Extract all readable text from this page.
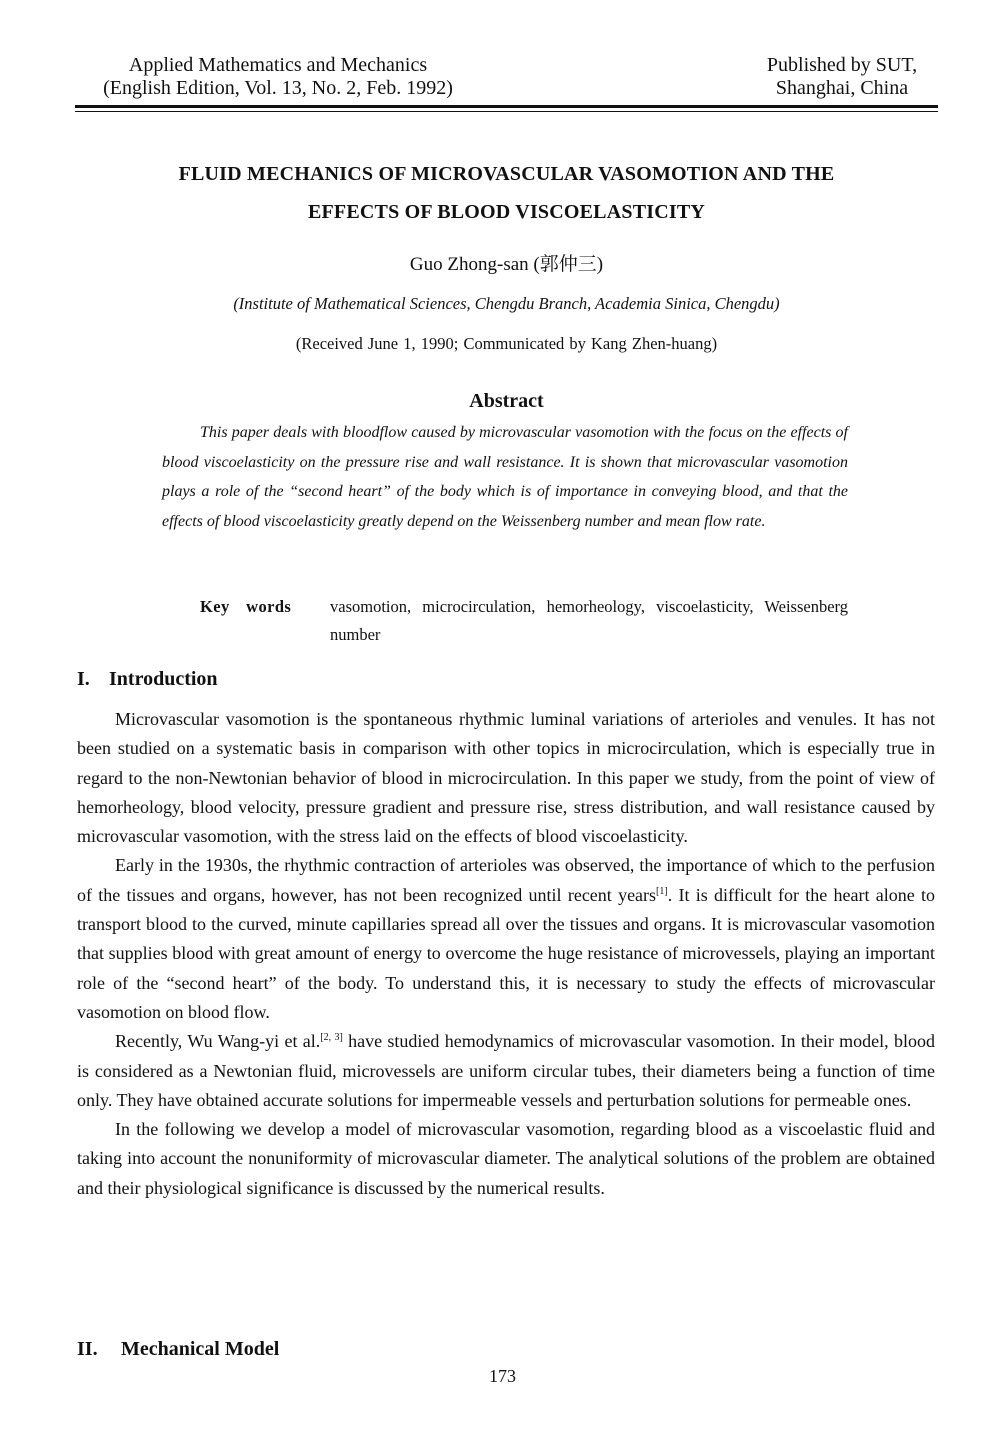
Applied Mathematics and Mechanics
(English Edition, Vol. 13, No. 2, Feb. 1992)
Published by SUT,
Shanghai, China
FLUID MECHANICS OF MICROVASCULAR VASOMOTION AND THE
EFFECTS OF BLOOD VISCOELASTICITY
Guo Zhong-san (郭仲三)
(Institute of Mathematical Sciences, Chengdu Branch, Academia Sinica, Chengdu)
(Received June 1, 1990; Communicated by Kang Zhen-huang)
Abstract

This paper deals with bloodflow caused by microvascular vasomotion with the focus on the effects of blood viscoelasticity on the pressure rise and wall resistance. It is shown that microvascular vasomotion plays a role of the “second heart” of the body which is of importance in conveying blood, and that the effects of blood viscoelasticity greatly depend on the Weissenberg number and mean flow rate.

Key words	vasomotion, microcirculation, hemorheology, viscoelasticity, Weissenberg number
I. Introduction

Microvascular vasomotion is the spontaneous rhythmic luminal variations of arterioles and venules. It has not been studied on a systematic basis in comparison with other topics in microcirculation, which is especially true in regard to the non-Newtonian behavior of blood in microcirculation. In this paper we study, from the point of view of hemorheology, blood velocity, pressure gradient and pressure rise, stress distribution, and wall resistance caused by microvascular vasomotion, with the stress laid on the effects of blood viscoelasticity.

Early in the 1930s, the rhythmic contraction of arterioles was observed, the importance of which to the perfusion of the tissues and organs, however, has not been recognized until recent years[1]. It is difficult for the heart alone to transport blood to the curved, minute capillaries spread all over the tissues and organs. It is microvascular vasomotion that supplies blood with great amount of energy to overcome the huge resistance of microvessels, playing an important role of the “second heart” of the body. To understand this, it is necessary to study the effects of microvascular vasomotion on blood flow.

Recently, Wu Wang-yi et al.[2, 3] have studied hemodynamics of microvascular vasomotion. In their model, blood is considered as a Newtonian fluid, microvessels are uniform circular tubes, their diameters being a function of time only. They have obtained accurate solutions for impermeable vessels and perturbation solutions for permeable ones.

In the following we develop a model of microvascular vasomotion, regarding blood as a viscoelastic fluid and taking into account the nonuniformity of microvascular diameter. The analytical solutions of the problem are obtained and their physiological significance is discussed by the numerical results.

II. Mechanical Model
173
